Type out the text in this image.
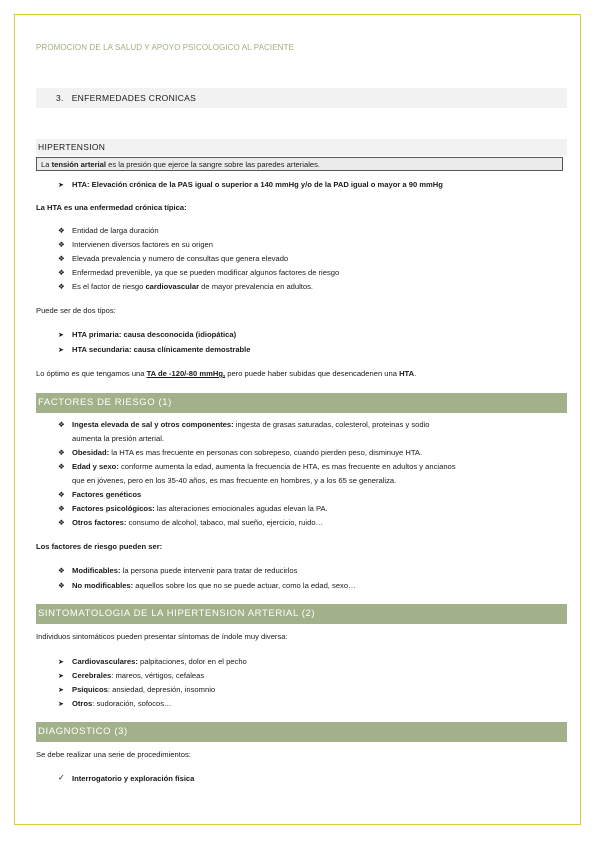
PROMOCION DE LA SALUD Y APOYO PSICOLOGICO AL PACIENTE
3. ENFERMEDADES CRONICAS
HIPERTENSION
La tensión arterial es la presión que ejerce la sangre sobre las paredes arteriales.
➤ HTA: Elevación crónica de la PAS igual o superior a 140 mmHg y/o de la PAD igual o mayor a 90 mmHg
La HTA es una enfermedad crónica típica:
❖ Entidad de larga duración
❖ Intervienen diversos factores en su origen
❖ Elevada prevalencia y numero de consultas que genera elevado
❖ Enfermedad prevenible, ya que se pueden modificar algunos factores de riesgo
❖ Es el factor de riesgo cardiovascular de mayor prevalencia en adultos.
Puede ser de dos tipos:
➤ HTA primaria: causa desconocida (idiopática)
➤ HTA secundaria: causa clínicamente demostrable
Lo óptimo es que tengamos una TA de -120/-80 mmHg, pero puede haber subidas que desencadenen una HTA.
FACTORES DE RIESGO (1)
❖ Ingesta elevada de sal y otros componentes: ingesta de grasas saturadas, colesterol, proteinas y sodio
aumenta la presión arterial.
❖ Obesidad: la HTA es mas frecuente en personas con sobrepeso, cuando pierden peso, disminuye HTA.
❖ Edad y sexo: conforme aumenta la edad, aumenta la frecuencia de HTA, es mas frecuente en adultos y ancianos
que en jóvenes, pero en los 35-40 años, es mas frecuente en hombres, y a los 65 se generaliza.
❖ Factores genéticos
❖ Factores psicológicos: las alteraciones emocionales agudas elevan la PA.
❖ Otros factores: consumo de alcohol, tabaco, mal sueño, ejercicio, ruido…
Los factores de riesgo pueden ser:
❖ Modificables: la persona puede intervenir para tratar de reducirlos
❖ No modificables: aquellos sobre los que no se puede actuar, como la edad, sexo…
SINTOMATOLOGIA DE LA HIPERTENSION ARTERIAL (2)
Individuos sintomáticos pueden presentar síntomas de índole muy diversa:
➤ Cardiovasculares: palpitaciones, dolor en el pecho
➤ Cerebrales: mareos, vértigos, cefaleas
➤ Psíquicos: ansiedad, depresión, insomnio
➤ Otros: sudoración, sofocos…
DIAGNOSTICO (3)
Se debe realizar una serie de procedimientos:
✓ Interrogatorio y exploración física
